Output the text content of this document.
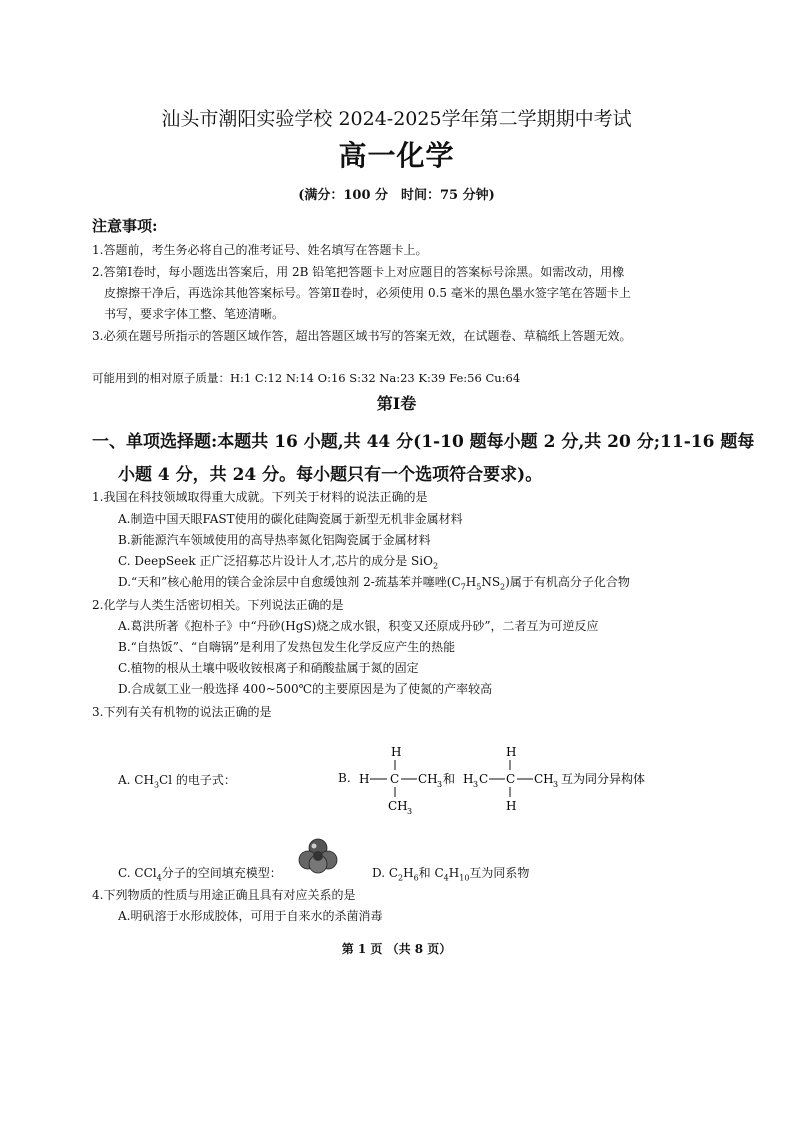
汕头市潮阳实验学校 2024-2025学年第二学期期中考试
高一化学
(满分：100 分　时间：75 分钟)
注意事项:
1.答题前，考生务必将自己的准考证号、姓名填写在答题卡上。
2.答第Ⅰ卷时，每小题选出答案后，用 2B 铅笔把答题卡上对应题目的答案标号涂黑。如需改动，用橡
皮擦擦干净后，再选涂其他答案标号。答第Ⅱ卷时，必须使用 0.5 毫米的黑色墨水签字笔在答题卡上
书写，要求字体工整、笔迹清晰。
3.必须在题号所指示的答题区域作答，超出答题区域书写的答案无效，在试题卷、草稿纸上答题无效。
可能用到的相对原子质量：H:1 C:12 N:14 O:16 S:32 Na:23 K:39 Fe:56 Cu:64
第Ⅰ卷
一、单项选择题:本题共 16 小题,共 44 分(1-10 题每小题 2 分,共 20 分;11-16 题每
小题 4 分，共 24 分。每小题只有一个选项符合要求)。
1.我国在科技领域取得重大成就。下列关于材料的说法正确的是
A.制造中国天眼FAST使用的碳化硅陶瓷属于新型无机非金属材料
B.新能源汽车领域使用的高导热率氮化铝陶瓷属于金属材料
C. DeepSeek 正广泛招募芯片设计人才,芯片的成分是 SiO$_2$
D.“天和”核心舱用的镁合金涂层中自愈缓蚀剂 2-巯基苯并噻唑$(C_7H_5NS_2)$属于有机高分子化合物
2.化学与人类生活密切相关。下列说法正确的是
A.葛洪所著《抱朴子》中“丹砂(HgS)烧之成水银，积变又还原成丹砂”，二者互为可逆反应
B.“自热饭”、“自嗨锅”是利用了发热包发生化学反应产生的热能
C.植物的根从土壤中吸收铵根离子和硝酸盐属于氮的固定
D.合成氨工业一般选择 400~500℃的主要原因是为了使氮的产率较高
3.下列有关有机物的说法正确的是
A. $CH_3Cl$ 的电子式：	B.
H
H C CH 3
CH 3
和 H 3 C
H
C CH 3
H
互为同分异构体
C. CCl$_4$分子的空间填充模型：	D. $C_2H_6$和 $C_4H_{10}$互为同系物
4.下列物质的性质与用途正确且具有对应关系的是
A.明矾溶于水形成胶体，可用于自来水的杀菌消毒
第 1 页 （共 8 页）
